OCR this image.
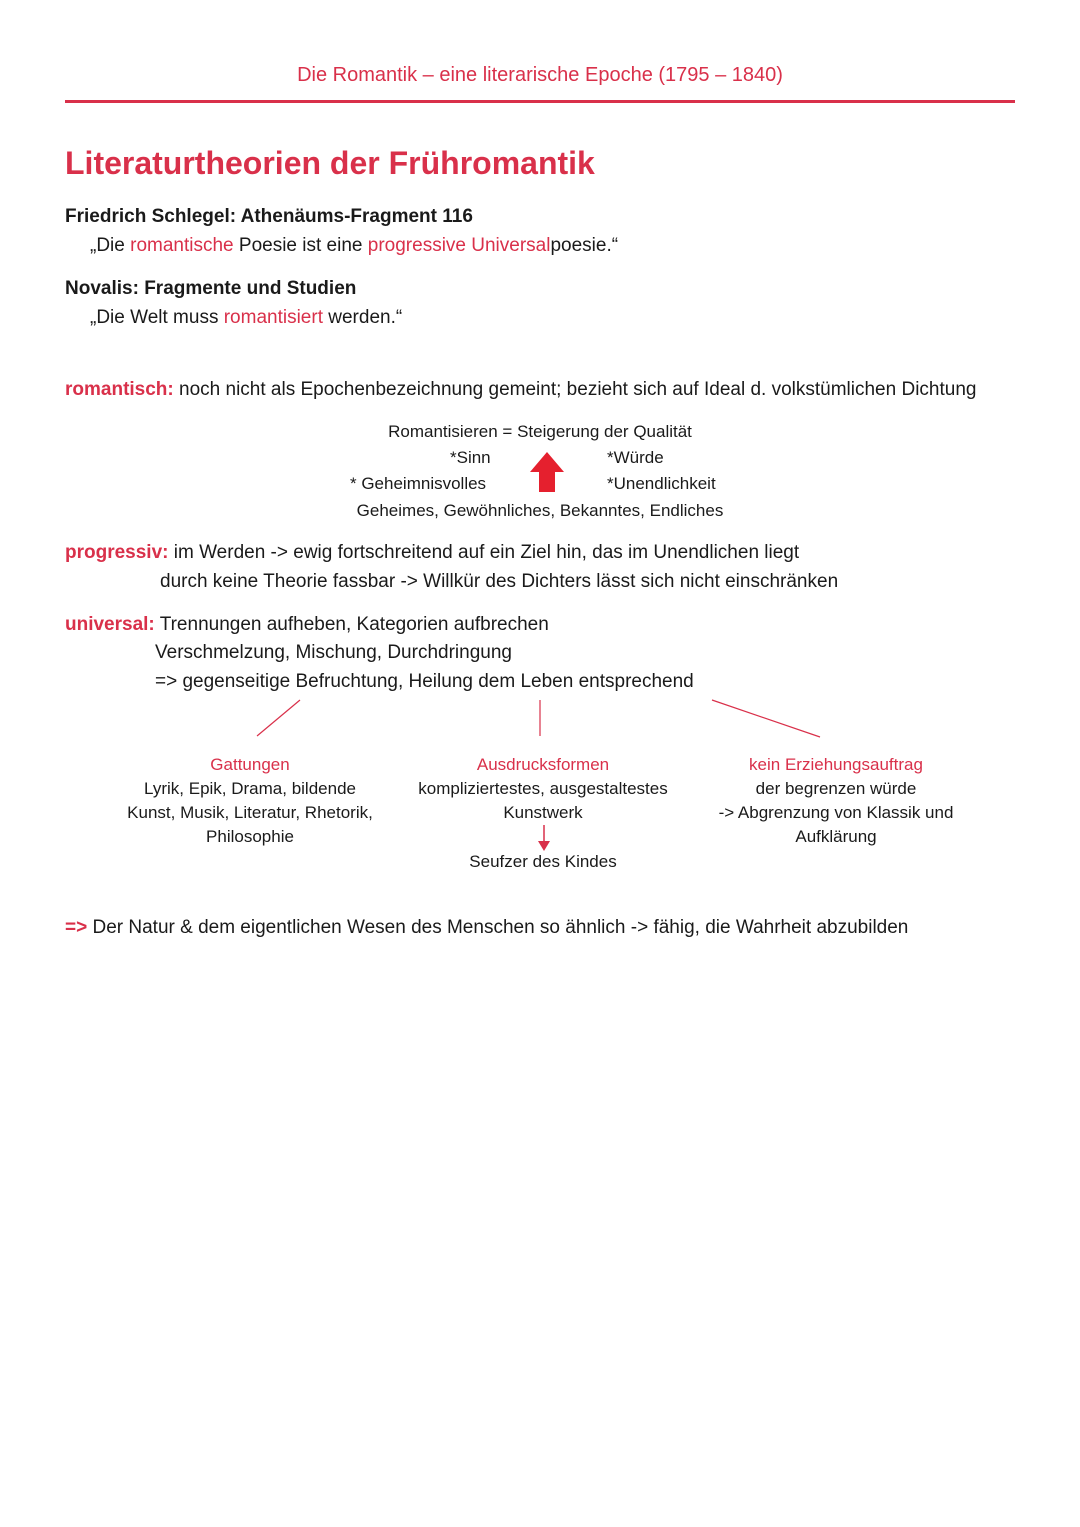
Die Romantik – eine literarische Epoche (1795 – 1840)
Literaturtheorien der Frühromantik
Friedrich Schlegel: Athenäums-Fragment 116
„Die romantische Poesie ist eine progressive Universalpoesie.“
Novalis: Fragmente und Studien
„Die Welt muss romantisiert werden.“
romantisch: noch nicht als Epochenbezeichnung gemeint; bezieht sich auf Ideal d. volkstümlichen Dichtung
Romantisieren = Steigerung der Qualität
*Sinn
* Geheimnisvolles
*Würde
*Unendlichkeit
Geheimes, Gewöhnliches, Bekanntes, Endliches
progressiv: im Werden -> ewig fortschreitend auf ein Ziel hin, das im Unendlichen liegt
durch keine Theorie fassbar -> Willkür des Dichters lässt sich nicht einschränken
universal: Trennungen aufheben, Kategorien aufbrechen
Verschmelzung, Mischung, Durchdringung
=> gegenseitige Befruchtung, Heilung dem Leben entsprechend
Gattungen
Lyrik, Epik, Drama, bildende
Kunst, Musik, Literatur, Rhetorik,
Philosophie
Ausdrucksformen
kompliziertestes, ausgestaltestes
Kunstwerk
Seufzer des Kindes
kein Erziehungsauftrag
der begrenzen würde
-> Abgrenzung von Klassik und
Aufklärung
=> Der Natur & dem eigentlichen Wesen des Menschen so ähnlich -> fähig, die Wahrheit abzubilden
